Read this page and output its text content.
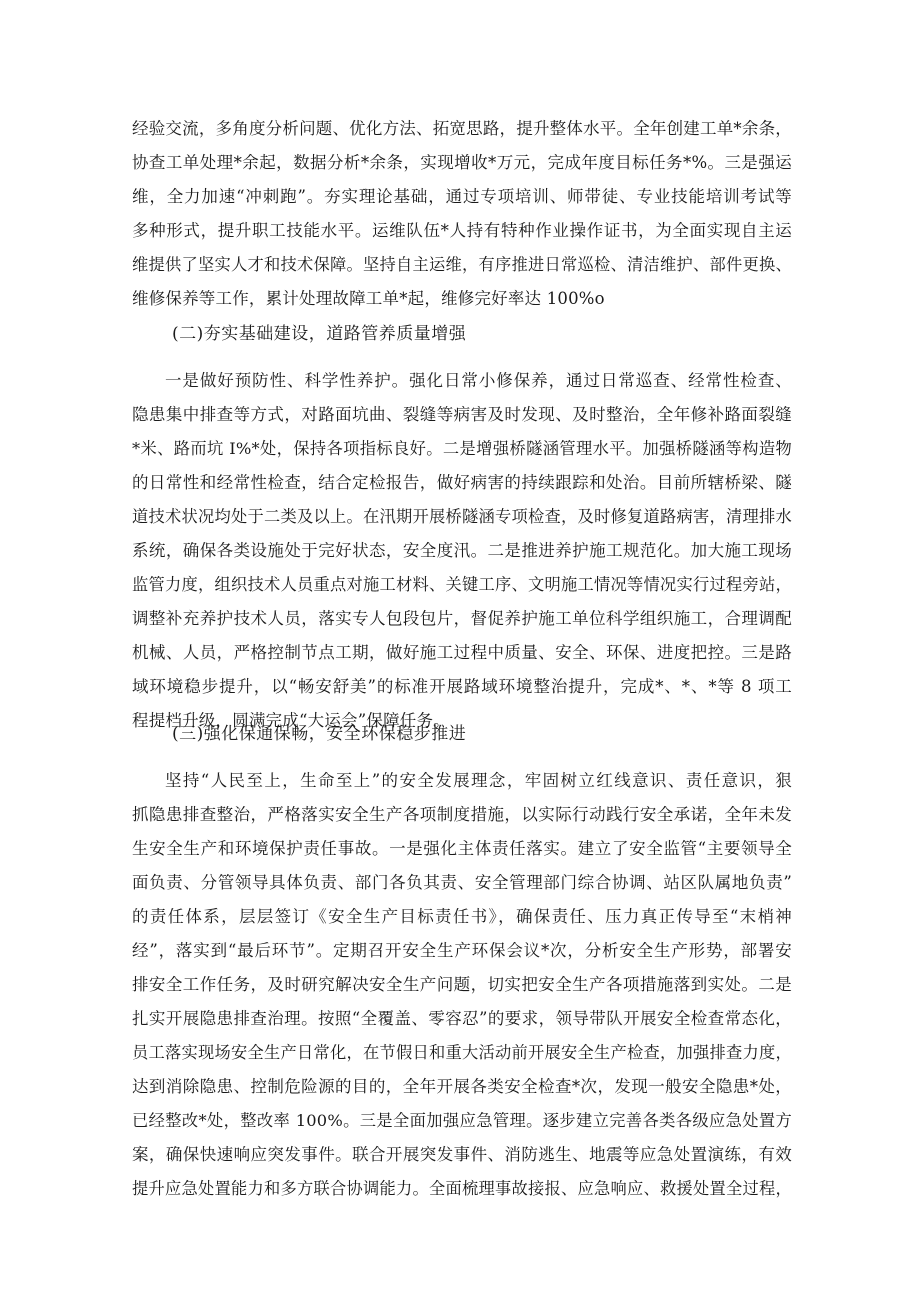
经验交流，多角度分析问题、优化方法、拓宽思路，提升整体水平。全年创建工单*余条，
协查工单处理*余起，数据分析*余条，实现增收*万元，完成年度目标任务*%。三是强运
维，全力加速“冲刺跑”。夯实理论基础，通过专项培训、师带徒、专业技能培训考试等
多种形式，提升职工技能水平。运维队伍*人持有特种作业操作证书，为全面实现自主运
维提供了坚实人才和技术保障。坚持自主运维，有序推进日常巡检、清洁维护、部件更换、
维修保养等工作，累计处理故障工单*起，维修完好率达 100%o
(二)夯实基础建设，道路管养质量增强
一是做好预防性、科学性养护。强化日常小修保养，通过日常巡查、经常性检查、
隐患集中排查等方式，对路面坑曲、裂缝等病害及时发现、及时整治，全年修补路面裂缝
*米、路而坑 I%*处，保持各项指标良好。二是增强桥隧涵管理水平。加强桥隧涵等构造物
的日常性和经常性检查，结合定检报告，做好病害的持续跟踪和处治。目前所辖桥梁、隧
道技术状况均处于二类及以上。在汛期开展桥隧涵专项检查，及时修复道路病害，清理排水
系统，确保各类设施处于完好状态，安全度汛。二是推进养护施工规范化。加大施工现场
监管力度，组织技术人员重点对施工材料、关键工序、文明施工情况等情况实行过程旁站，
调整补充养护技术人员，落实专人包段包片，督促养护施工单位科学组织施工，合理调配
机械、人员，严格控制节点工期，做好施工过程中质量、安全、环保、进度把控。三是路
域环境稳步提升，以“畅安舒美”的标准开展路域环境整治提升，完成*、*、*等 8 项工
程提档升级，圆满完成“大运会”保障任务。
(三)强化保通保畅，安全环保稳步推进
坚持“人民至上，生命至上”的安全发展理念，牢固树立红线意识、责任意识，狠
抓隐患排查整治，严格落实安全生产各项制度措施，以实际行动践行安全承诺，全年未发
生安全生产和环境保护责任事故。一是强化主体责任落实。建立了安全监管“主要领导全
面负责、分管领导具体负责、部门各负其责、安全管理部门综合协调、站区队属地负责”
的责任体系，层层签订《安全生产目标责任书》，确保责任、压力真正传导至“末梢神
经”，落实到“最后环节”。定期召开安全生产环保会议*次，分析安全生产形势，部署安
排安全工作任务，及时研究解决安全生产问题，切实把安全生产各项措施落到实处。二是
扎实开展隐患排查治理。按照“全覆盖、零容忍”的要求，领导带队开展安全检查常态化，
员工落实现场安全生产日常化，在节假日和重大活动前开展安全生产检查，加强排查力度，
达到消除隐患、控制危险源的目的，全年开展各类安全检查*次，发现一般安全隐患*处，
已经整改*处，整改率 100%。三是全面加强应急管理。逐步建立完善各类各级应急处置方
案，确保快速响应突发事件。联合开展突发事件、消防逃生、地震等应急处置演练，有效
提升应急处置能力和多方联合协调能力。全面梳理事故接报、应急响应、救援处置全过程，
